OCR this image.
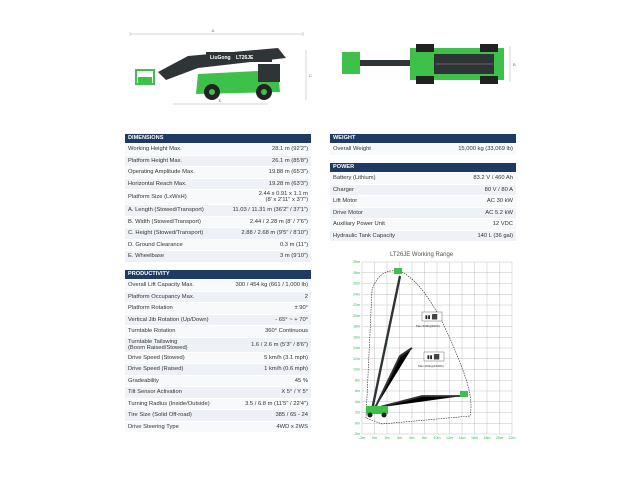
A
C
E
LiuGong LT26JE
B
DIMENSIONS
Working Height Max.	28.1 m (92'2")
Platform Height Max.	26.1 m (85'8")
Operating Amplitude Max.	19.88 m (65'3")
Horizontal Reach Max.	19.28 m (63'3")
Platform Size (LxWxH)	2.44 x 0.91 x 1.1 m
(8' x 2'11" x 3'7")
A. Length (Stowed/Transport)	11.03 / 11.31 m (36'2" / 37'1")
B. Width (Stowed/Transport)	2.44 / 2.28 m (8' / 7'6")
C. Height (Stowed/Transport)	2.88 / 2.68 m (9'5" / 8'10")
D. Ground Clearance	0.3 m (11")
E. Wheelbase	3 m (9'10")
PRODUCTIVITY
Overall Lift Capacity Max.	300 / 454 kg (661 / 1,000 lb)
Platform Occupancy Max.	2
Platform Rotation	± 90°
Vertical Jib Rotation (Up/Down)	- 65° ~ + 70°
Turntable Rotation	360° Continuous
Turntable Tailswing
(Boom Raised/Stowed)	1.6 / 2.6 m (5'3" / 8'6")
Drive Speed (Stowed)	5 km/h (3.1 mph)
Drive Speed (Raised)	1 km/h (0.6 mph)
Gradeability	45 %
Tilt Sensor Activation	X 5° / Y 5°
Turning Radius (Inside/Outside)	3.5 / 6.8 m (11'5" / 22'4")
Tire Size (Solid Off-road)	385 / 65 - 24
Drive Steering Type	4WD x 2WS
WEIGHT
Overall Weight	15,000 kg (33,069 lb)
POWER
Battery (Lithium)	83.2 V / 460 Ah
Charger	80 V / 80 A
Lift Motor	AC 30 kW
Drive Motor	AC 5.2 kW
Auxiliary Power Unit	12 VDC
Hydraulic Tank Capacity	140 L (36 gal)
LT26JE Working Range
30m
28m
26m
24m
22m
20m
18m
16m
14m
12m
10m
8m
6m
4m
2m
0m
-2m
-2m 0m 2m 4m 6m 8m 10m 12m 14m 16m 18m 20m 22m
▮▮ ⬛
Max.300kg(661lb)
▮▮ ⬛
Max.454kg(1000lb)
